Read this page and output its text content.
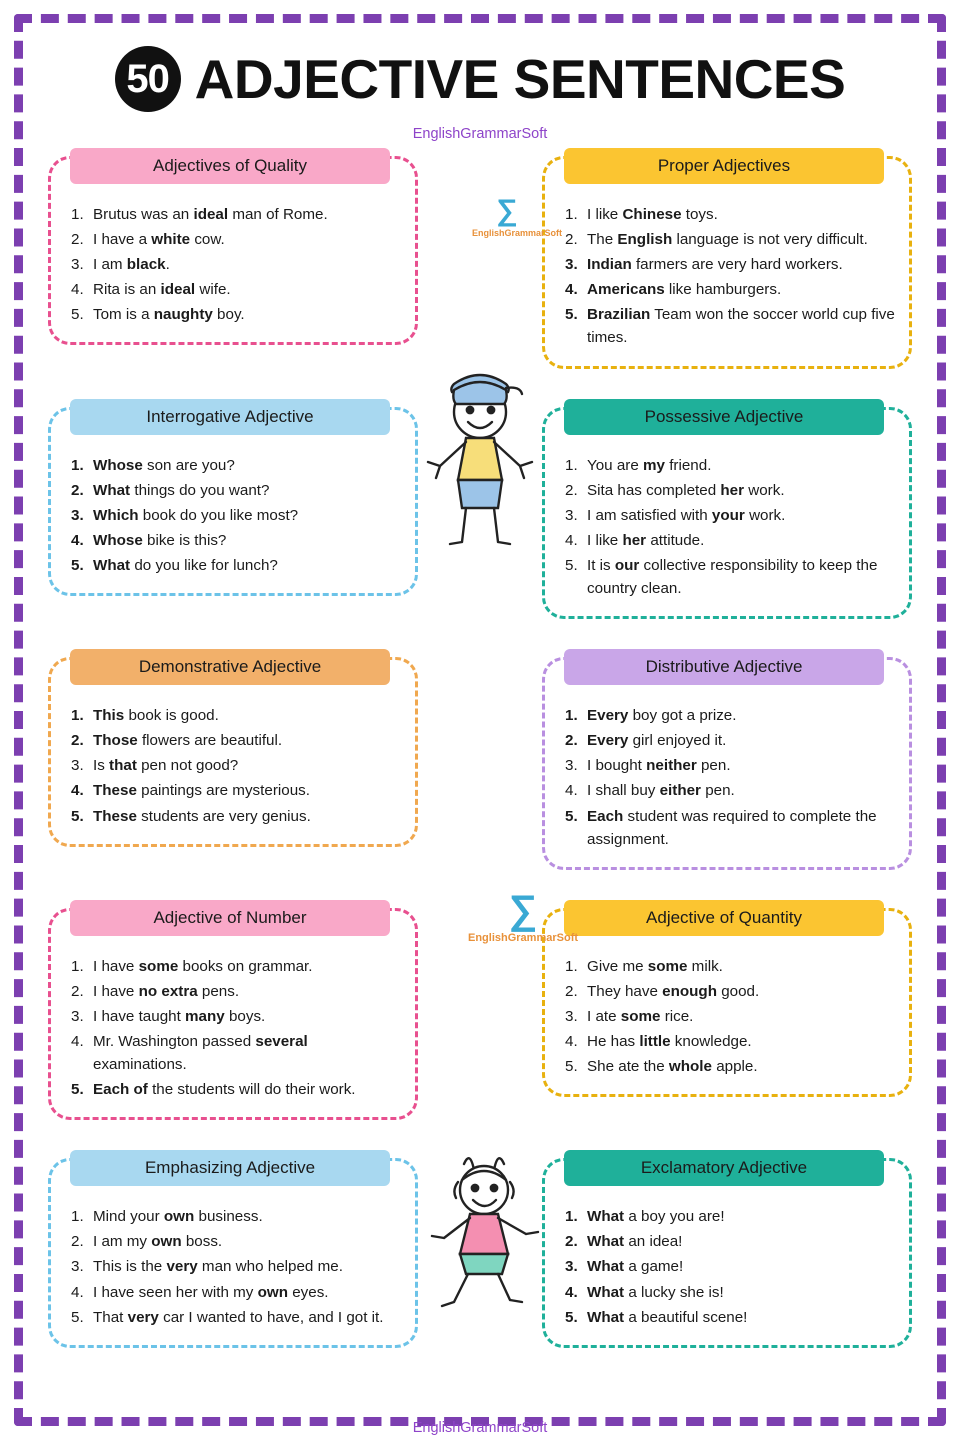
50 ADJECTIVE SENTENCES
EnglishGrammarSoft
Adjectives of Quality
1. Brutus was an ideal man of Rome.
2. I have a white cow.
3. I am black.
4. Rita is an ideal wife.
5. Tom is a naughty boy.
Proper Adjectives
1. I like Chinese toys.
2. The English language is not very difficult.
3. Indian farmers are very hard workers.
4. Americans like hamburgers.
5. Brazilian Team won the soccer world cup five times.
Interrogative Adjective
1. Whose son are you?
2. What things do you want?
3. Which book do you like most?
4. Whose bike is this?
5. What do you like for lunch?
Possessive Adjective
1. You are my friend.
2. Sita has completed her work.
3. I am satisfied with your work.
4. I like her attitude.
5. It is our collective responsibility to keep the country clean.
Demonstrative Adjective
1. This book is good.
2. Those flowers are beautiful.
3. Is that pen not good?
4. These paintings are mysterious.
5. These students are very genius.
Distributive Adjective
1. Every boy got a prize.
2. Every girl enjoyed it.
3. I bought neither pen.
4. I shall buy either pen.
5. Each student was required to complete the assignment.
Adjective of Number
1. I have some books on grammar.
2. I have no extra pens.
3. I have taught many boys.
4. Mr. Washington passed several examinations.
5. Each of the students will do their work.
Adjective of Quantity
1. Give me some milk.
2. They have enough good.
3. I ate some rice.
4. He has little knowledge.
5. She ate the whole apple.
Emphasizing Adjective
1. Mind your own business.
2. I am my own boss.
3. This is the very man who helped me.
4. I have seen her with my own eyes.
5. That very car I wanted to have, and I got it.
Exclamatory Adjective
1. What a boy you are!
2. What an idea!
3. What a game!
4. What a lucky she is!
5. What a beautiful scene!
∑
EnglishGrammarSoft
∑
EnglishGrammarSoft
EnglishGrammarSoft
